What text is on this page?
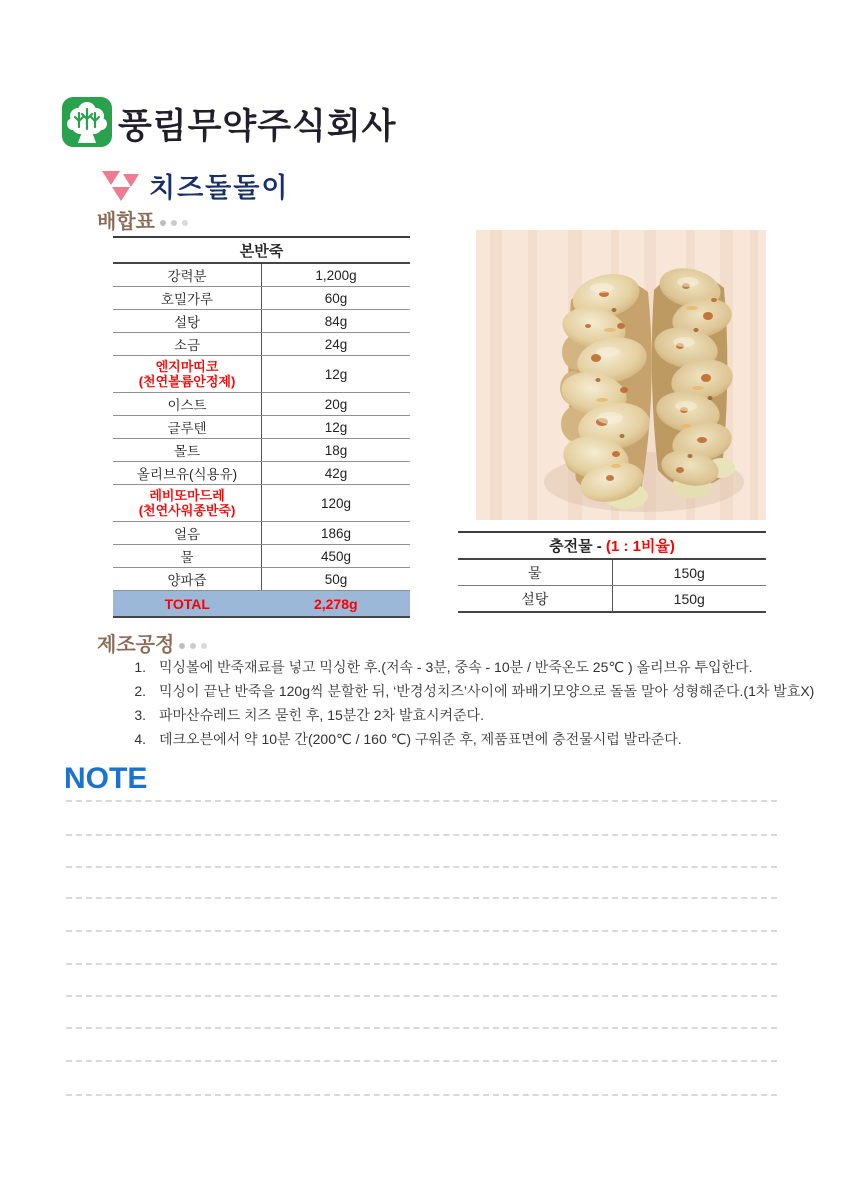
풍림무약주식회사
치즈돌돌이
배합표
본반죽	
강력분	1,200g
호밀가루	60g
설탕	84g
소금	24g

엔지마띠코
(천연볼륨안정제)	12g
이스트	20g
글루텐	12g
몰트	18g
올리브유(식용유)	42g

레비또마드레
(천연사워종반죽)	120g
얼음	186g
물	450g
양파즙	50g
TOTAL	2,278g
충전물 - (1 : 1비율)	
물	150g
설탕	150g
제조공정
1. 믹싱볼에 반죽재료를 넣고 믹싱한 후.(저속 - 3분, 중속 - 10분 / 반죽온도 25℃ ) 올리브유 투입한다.
2. 믹싱이 끝난 반죽을 120g씩 분할한 뒤, ‘반경성치즈’사이에 꽈배기모양으로 돌돌 말아 성형해준다.(1차 발효X)
3. 파마산슈레드 치즈 묻힌 후, 15분간 2차 발효시켜준다.
4. 데크오븐에서 약 10분 간(200℃ / 160 ℃) 구워준 후, 제품표면에 충전물시럽 발라준다.
NOTE
